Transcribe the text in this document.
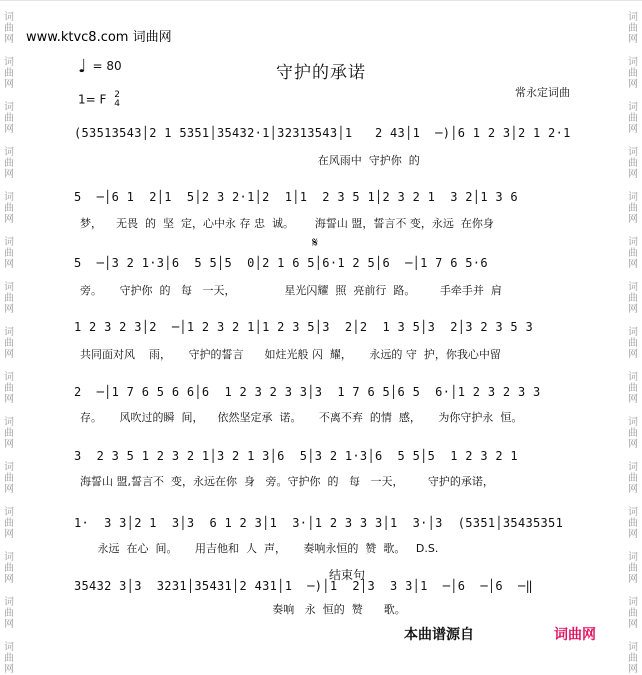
词
曲
网
词
曲
网
词
曲
网
词
曲
网
词
曲
网
词
曲
网
词
曲
网
词
曲
网
词
曲
网
词
曲
网
词
曲
网
词
曲
网
词
曲
网
词
曲
网
词
曲
网
词
曲
网
词
曲
网
词
曲
网
词
曲
网
词
曲
网
词
曲
网
词
曲
网
词
曲
网
词
曲
网
词
曲
网
词
曲
网
词
曲
网
词
曲
网
词
曲
网
词
曲
网
www.ktvc8.com 词曲网
守护的承诺
♩ = 80
1= F 2
4
常永定词曲
(53513543│2 1 5351│35432·1│32313543│1   2 43│1  ─)│6 1 2 3│2 1 2·1
在风雨中  守护你  的
5  ─│6 1  2│1  5│2 3 2·1│2  1│1  2 3 5 1│2 3 2 1  3 2│1 3 6
梦，    无畏  的  坚  定，心中永 存 忠  诚。      海誓山 盟，誓言不 变，永远  在你身
𝄋
5  ─│3 2 1·3│6  5 5│5  0│2 1 6 5│6·1 2 5│6  ─│1 7 6 5·6
旁。     守护你  的   每   一天，              星光闪耀  照  亮前行  路。       手牵手并  肩
1 2 3 2 3│2  ─│1 2 3 2 1│1 2 3 5│3  2│2  1 3 5│3  2│3 2 3 5 3
共同面对风    雨，     守护的誓言      如炷光般 闪  耀，     永远的 守  护，你我心中留
2  ─│1 7 6 5 6 6│6  1 2 3 2 3 3│3  1 7 6 5│6 5  6·│1 2 3 2 3 3
存。     风吹过的瞬  间，    依然坚定承  诺。     不离不弃  的情  感，     为你守护永  恒。
3  2 3 5 1 2 3 2 1│3 2 1 3│6  5│3 2 1·3│6  5 5│5  1 2 3 2 1
海誓山 盟,誓言不  变，永远在你  身   旁。守护你  的   每   一天，       守护的承诺，
1·  3 3│2 1  3│3  6 1 2 3│1  3·│1 2 3 3 3│1  3·│3  (5351│35435351
永远  在心  间。     用吉他和  人  声，     奏响永恒的  赞  歌。   D.S.
结束句
35432 3│3  3231│35431│2 431│1  ─)│1  2│3  3 3│1  ─│6  ─│6  ─‖
奏响   永  恒的  赞      歌。
本曲谱源自	词曲网
